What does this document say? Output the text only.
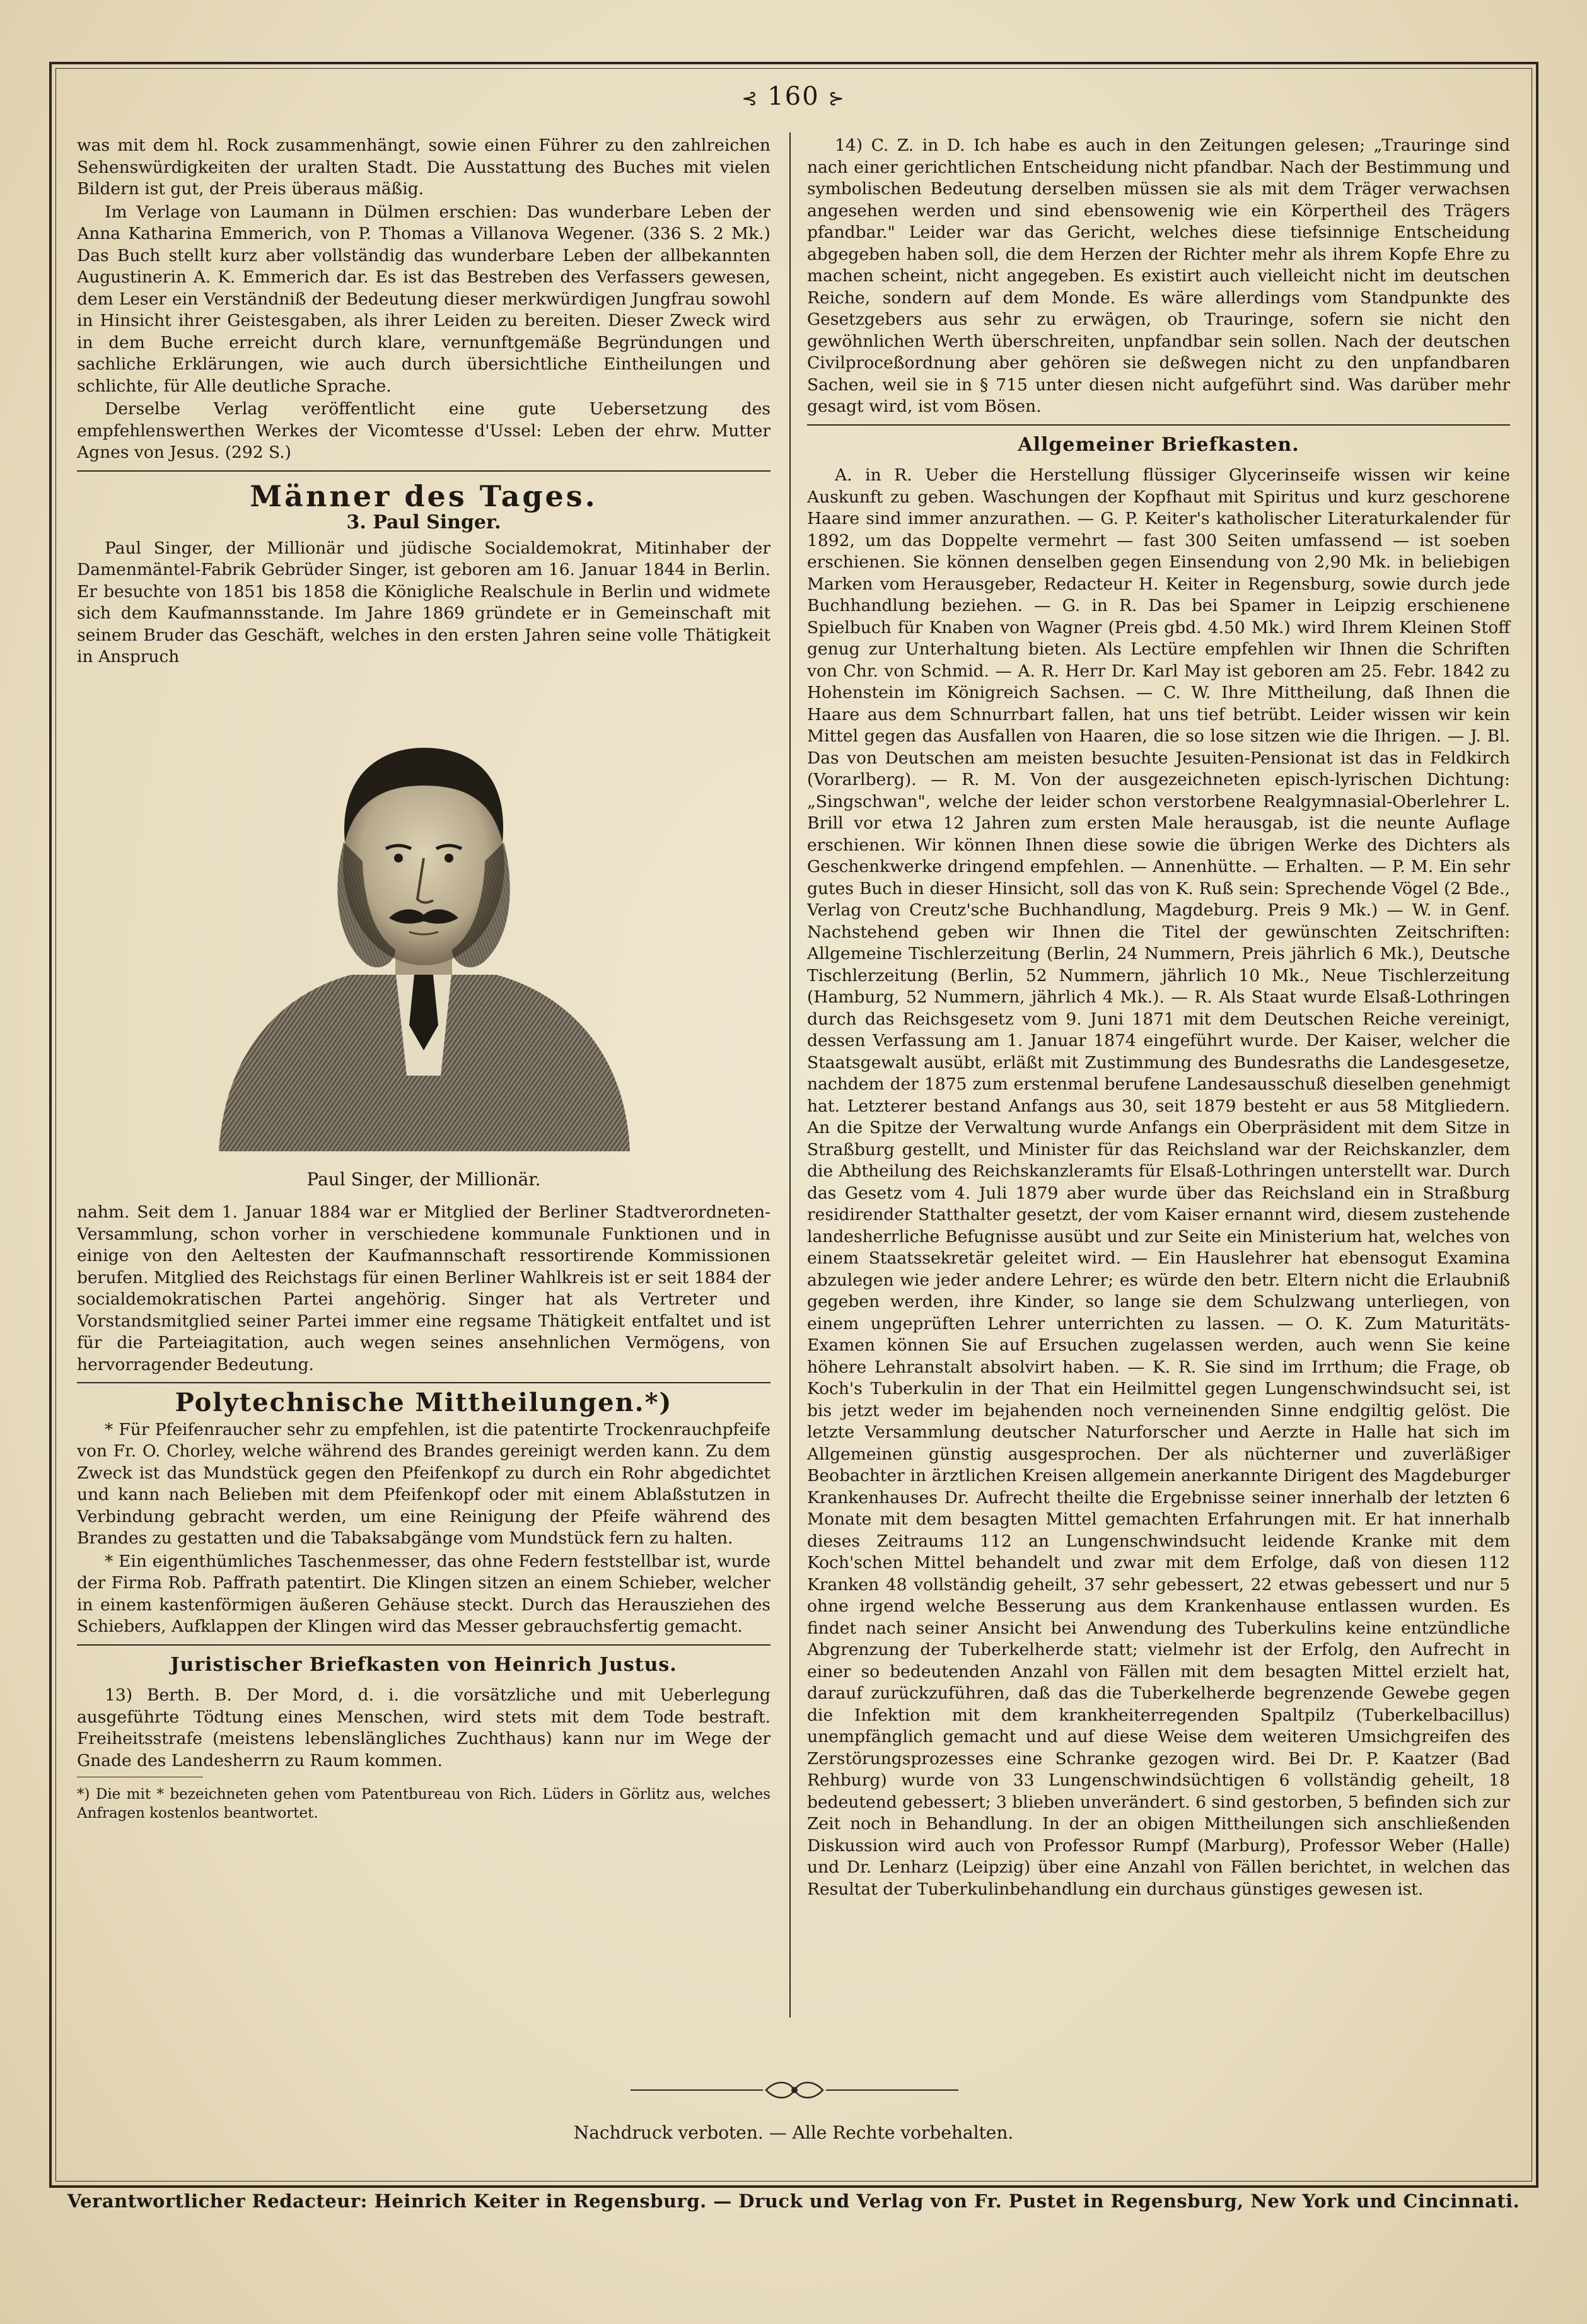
⊰ 160 ⊱

was mit dem hl. Rock zusammenhängt, sowie einen Führer zu den zahlreichen Sehenswürdigkeiten der uralten Stadt. Die Ausstattung des Buches mit vielen Bildern ist gut, der Preis überaus mäßig.

Im Verlage von Laumann in Dülmen erschien: Das wunderbare Leben der Anna Katharina Emmerich, von P. Thomas a Villanova Wegener. (336 S. 2 Mk.) Das Buch stellt kurz aber vollständig das wunderbare Leben der allbekannten Augustinerin A. K. Emmerich dar. Es ist das Bestreben des Verfassers gewesen, dem Leser ein Verständniß der Bedeutung dieser merkwürdigen Jungfrau sowohl in Hinsicht ihrer Geistesgaben, als ihrer Leiden zu bereiten. Dieser Zweck wird in dem Buche erreicht durch klare, vernunftgemäße Begründungen und sachliche Erklärungen, wie auch durch übersichtliche Eintheilungen und schlichte, für Alle deutliche Sprache.

Derselbe Verlag veröffentlicht eine gute Uebersetzung des empfehlenswerthen Werkes der Vicomtesse d'Ussel: Leben der ehrw. Mutter Agnes von Jesus. (292 S.)

Männer des Tages.
3. Paul Singer.

Paul Singer, der Millionär und jüdische Socialdemokrat, Mitinhaber der Damenmäntel-Fabrik Gebrüder Singer, ist geboren am 16. Januar 1844 in Berlin. Er besuchte von 1851 bis 1858 die Königliche Realschule in Berlin und widmete sich dem Kaufmannsstande. Im Jahre 1869 gründete er in Gemeinschaft mit seinem Bruder das Geschäft, welches in den ersten Jahren seine volle Thätigkeit in Anspruch

Paul Singer, der Millionär.

nahm. Seit dem 1. Januar 1884 war er Mitglied der Berliner Stadtverordneten-Versammlung, schon vorher in verschiedene kommunale Funktionen und in einige von den Aeltesten der Kaufmannschaft ressortirende Kommissionen berufen. Mitglied des Reichstags für einen Berliner Wahlkreis ist er seit 1884 der socialdemokratischen Partei angehörig. Singer hat als Vertreter und Vorstandsmitglied seiner Partei immer eine regsame Thätigkeit entfaltet und ist für die Parteiagitation, auch wegen seines ansehnlichen Vermögens, von hervorragender Bedeutung.

Polytechnische Mittheilungen.*)

* Für Pfeifenraucher sehr zu empfehlen, ist die patentirte Trockenrauchpfeife von Fr. O. Chorley, welche während des Brandes gereinigt werden kann. Zu dem Zweck ist das Mundstück gegen den Pfeifenkopf zu durch ein Rohr abgedichtet und kann nach Belieben mit dem Pfeifenkopf oder mit einem Ablaßstutzen in Verbindung gebracht werden, um eine Reinigung der Pfeife während des Brandes zu gestatten und die Tabaksabgänge vom Mundstück fern zu halten.

* Ein eigenthümliches Taschenmesser, das ohne Federn feststellbar ist, wurde der Firma Rob. Paffrath patentirt. Die Klingen sitzen an einem Schieber, welcher in einem kastenförmigen äußeren Gehäuse steckt. Durch das Herausziehen des Schiebers, Aufklappen der Klingen wird das Messer gebrauchsfertig gemacht.

Juristischer Briefkasten von Heinrich Justus.

13) Berth. B. Der Mord, d. i. die vorsätzliche und mit Ueberlegung ausgeführte Tödtung eines Menschen, wird stets mit dem Tode bestraft. Freiheitsstrafe (meistens lebenslängliches Zuchthaus) kann nur im Wege der Gnade des Landesherrn zu Raum kommen.

*) Die mit * bezeichneten gehen vom Patentbureau von Rich. Lüders in Görlitz aus, welches Anfragen kostenlos beantwortet.

14) C. Z. in D. Ich habe es auch in den Zeitungen gelesen; „Trauringe sind nach einer gerichtlichen Entscheidung nicht pfandbar. Nach der Bestimmung und symbolischen Bedeutung derselben müssen sie als mit dem Träger verwachsen angesehen werden und sind ebensowenig wie ein Körpertheil des Trägers pfandbar." Leider war das Gericht, welches diese tiefsinnige Entscheidung abgegeben haben soll, die dem Herzen der Richter mehr als ihrem Kopfe Ehre zu machen scheint, nicht angegeben. Es existirt auch vielleicht nicht im deutschen Reiche, sondern auf dem Monde. Es wäre allerdings vom Standpunkte des Gesetzgebers aus sehr zu erwägen, ob Trauringe, sofern sie nicht den gewöhnlichen Werth überschreiten, unpfandbar sein sollen. Nach der deutschen Civilproceßordnung aber gehören sie deßwegen nicht zu den unpfandbaren Sachen, weil sie in § 715 unter diesen nicht aufgeführt sind. Was darüber mehr gesagt wird, ist vom Bösen.

Allgemeiner Briefkasten.

A. in R. Ueber die Herstellung flüssiger Glycerinseife wissen wir keine Auskunft zu geben. Waschungen der Kopfhaut mit Spiritus und kurz geschorene Haare sind immer anzurathen. — G. P. Keiter's katholischer Literaturkalender für 1892, um das Doppelte vermehrt — fast 300 Seiten umfassend — ist soeben erschienen. Sie können denselben gegen Einsendung von 2,90 Mk. in beliebigen Marken vom Herausgeber, Redacteur H. Keiter in Regensburg, sowie durch jede Buchhandlung beziehen. — G. in R. Das bei Spamer in Leipzig erschienene Spielbuch für Knaben von Wagner (Preis gbd. 4.50 Mk.) wird Ihrem Kleinen Stoff genug zur Unterhaltung bieten. Als Lectüre empfehlen wir Ihnen die Schriften von Chr. von Schmid. — A. R. Herr Dr. Karl May ist geboren am 25. Febr. 1842 zu Hohenstein im Königreich Sachsen. — C. W. Ihre Mittheilung, daß Ihnen die Haare aus dem Schnurrbart fallen, hat uns tief betrübt. Leider wissen wir kein Mittel gegen das Ausfallen von Haaren, die so lose sitzen wie die Ihrigen. — J. Bl. Das von Deutschen am meisten besuchte Jesuiten-Pensionat ist das in Feldkirch (Vorarlberg). — R. M. Von der ausgezeichneten episch-lyrischen Dichtung: „Singschwan", welche der leider schon verstorbene Realgymnasial-Oberlehrer L. Brill vor etwa 12 Jahren zum ersten Male herausgab, ist die neunte Auflage erschienen. Wir können Ihnen diese sowie die übrigen Werke des Dichters als Geschenkwerke dringend empfehlen. — Annenhütte. — Erhalten. — P. M. Ein sehr gutes Buch in dieser Hinsicht, soll das von K. Ruß sein: Sprechende Vögel (2 Bde., Verlag von Creutz'sche Buchhandlung, Magdeburg. Preis 9 Mk.) — W. in Genf. Nachstehend geben wir Ihnen die Titel der gewünschten Zeitschriften: Allgemeine Tischlerzeitung (Berlin, 24 Nummern, Preis jährlich 6 Mk.), Deutsche Tischlerzeitung (Berlin, 52 Nummern, jährlich 10 Mk., Neue Tischlerzeitung (Hamburg, 52 Nummern, jährlich 4 Mk.). — R. Als Staat wurde Elsaß-Lothringen durch das Reichsgesetz vom 9. Juni 1871 mit dem Deutschen Reiche vereinigt, dessen Verfassung am 1. Januar 1874 eingeführt wurde. Der Kaiser, welcher die Staatsgewalt ausübt, erläßt mit Zustimmung des Bundesraths die Landesgesetze, nachdem der 1875 zum erstenmal berufene Landesausschuß dieselben genehmigt hat. Letzterer bestand Anfangs aus 30, seit 1879 besteht er aus 58 Mitgliedern. An die Spitze der Verwaltung wurde Anfangs ein Oberpräsident mit dem Sitze in Straßburg gestellt, und Minister für das Reichsland war der Reichskanzler, dem die Abtheilung des Reichskanzleramts für Elsaß-Lothringen unterstellt war. Durch das Gesetz vom 4. Juli 1879 aber wurde über das Reichsland ein in Straßburg residirender Statthalter gesetzt, der vom Kaiser ernannt wird, diesem zustehende landesherrliche Befugnisse ausübt und zur Seite ein Ministerium hat, welches von einem Staatssekretär geleitet wird. — Ein Hauslehrer hat ebensogut Examina abzulegen wie jeder andere Lehrer; es würde den betr. Eltern nicht die Erlaubniß gegeben werden, ihre Kinder, so lange sie dem Schulzwang unterliegen, von einem ungeprüften Lehrer unterrichten zu lassen. — O. K. Zum Maturitäts-Examen können Sie auf Ersuchen zugelassen werden, auch wenn Sie keine höhere Lehranstalt absolvirt haben. — K. R. Sie sind im Irrthum; die Frage, ob Koch's Tuberkulin in der That ein Heilmittel gegen Lungenschwindsucht sei, ist bis jetzt weder im bejahenden noch verneinenden Sinne endgiltig gelöst. Die letzte Versammlung deutscher Naturforscher und Aerzte in Halle hat sich im Allgemeinen günstig ausgesprochen. Der als nüchterner und zuverläßiger Beobachter in ärztlichen Kreisen allgemein anerkannte Dirigent des Magdeburger Krankenhauses Dr. Aufrecht theilte die Ergebnisse seiner innerhalb der letzten 6 Monate mit dem besagten Mittel gemachten Erfahrungen mit. Er hat innerhalb dieses Zeitraums 112 an Lungenschwindsucht leidende Kranke mit dem Koch'schen Mittel behandelt und zwar mit dem Erfolge, daß von diesen 112 Kranken 48 vollständig geheilt, 37 sehr gebessert, 22 etwas gebessert und nur 5 ohne irgend welche Besserung aus dem Krankenhause entlassen wurden. Es findet nach seiner Ansicht bei Anwendung des Tuberkulins keine entzündliche Abgrenzung der Tuberkelherde statt; vielmehr ist der Erfolg, den Aufrecht in einer so bedeutenden Anzahl von Fällen mit dem besagten Mittel erzielt hat, darauf zurückzuführen, daß das die Tuberkelherde begrenzende Gewebe gegen die Infektion mit dem krankheiterregenden Spaltpilz (Tuberkelbacillus) unempfänglich gemacht und auf diese Weise dem weiteren Umsichgreifen des Zerstörungsprozesses eine Schranke gezogen wird. Bei Dr. P. Kaatzer (Bad Rehburg) wurde von 33 Lungenschwindsüchtigen 6 vollständig geheilt, 18 bedeutend gebessert; 3 blieben unverändert. 6 sind gestorben, 5 befinden sich zur Zeit noch in Behandlung. In der an obigen Mittheilungen sich anschließenden Diskussion wird auch von Professor Rumpf (Marburg), Professor Weber (Halle) und Dr. Lenharz (Leipzig) über eine Anzahl von Fällen berichtet, in welchen das Resultat der Tuberkulinbehandlung ein durchaus günstiges gewesen ist.

Nachdruck verboten. — Alle Rechte vorbehalten.
Verantwortlicher Redacteur: Heinrich Keiter in Regensburg. — Druck und Verlag von Fr. Pustet in Regensburg, New York und Cincinnati.
